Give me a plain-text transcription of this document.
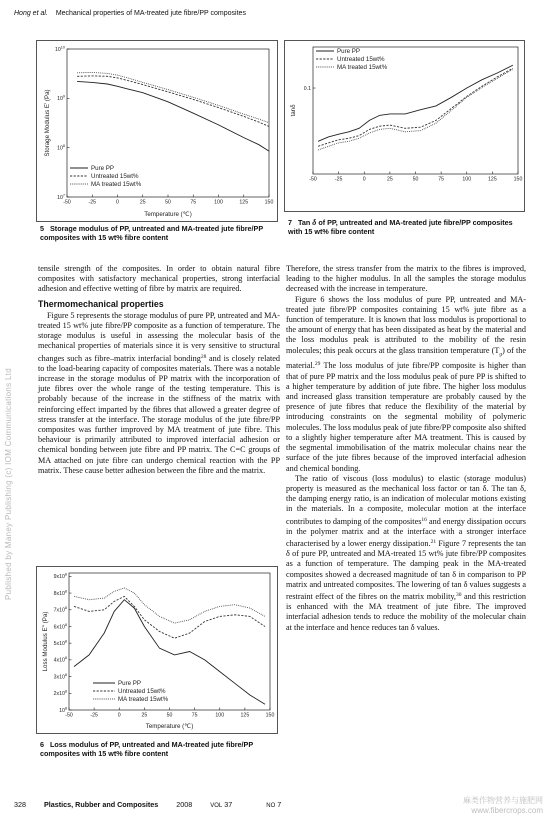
Hong et al. Mechanical properties of MA-treated jute fibre/PP composites
Published by Maney Publishing (c) IOM Communications Ltd
-50	-25	0	25	50	75	100	125	150
$10^7$
$10^8$
$10^9$
$10^{10}$
Temperature (℃)
Storage Modulus E' (Pa)
Pure PP
Untreated 15wt%
MA treated 15wt%
5 Storage modulus of PP, untreated and MA-treated jute fibre/PP composites with 15 wt% fibre content
-50	-25	0	25	50	75	100	125	150
0.1
tanδ
Pure PP
Untreated 15wt%
MA treated 15wt%
7 Tan δ of PP, untreated and MA-treated jute fibre/PP composites with 15 wt% fibre content
-50	-25	0	25	50	75	100	125	150
$10^8$
$2x10^8$
$3x10^8$
$4x10^8$
$5x10^8$
$6x10^8$
$7x10^8$
$8x10^8$
$9x10^8$
Temperature (℃)
Loss Modulus E'' (Pa)
Pure PP
Untreated 15wt%
MA treated 15wt%
6 Loss modulus of PP, untreated and MA-treated jute fibre/PP composites with 15 wt% fibre content

tensile strength of the composites. In order to obtain natural fibre composites with satisfactory mechanical properties, strong interfacial adhesion and effective wetting of fibre by matrix are required.

Thermomechanical properties

Figure 5 represents the storage modulus of pure PP, untreated and MA-treated 15 wt% jute fibre/PP composite as a function of temperature. The storage modulus is useful in assessing the molecular basis of the mechanical properties of materials since it is very sensitive to structural changes such as fibre–matrix interfacial bonding$^{28}$ and is closely related to the load-bearing capacity of composites materials. There was a notable increase in the storage modulus of PP matrix with the incorporation of jute fibres over the whole range of the testing temperature. This is probably because of the increase in the stiffness of the matrix with reinforcing effect imparted by the fibres that allowed a greater degree of stress transfer at the interface. The storage modulus of the jute fibre/PP composites was further improved by MA treatment of jute fibre. This behaviour is primarily attributed to improved interfacial adhesion or chemical bonding between jute fibre and PP matrix. The C=C groups of MA attached on jute fibre can undergo chemical reaction with the PP matrix. These cause better adhesion between the fibre and the matrix.

Therefore, the stress transfer from the matrix to the fibres is improved, leading to the higher modulus. In all the samples the storage modulus decreased with the increase in temperature.

Figure 6 shows the loss modulus of pure PP, untreated and MA-treated jute fibre/PP composites containing 15 wt% jute fibre as a function of temperature. It is known that loss modulus is proportional to the amount of energy that has been dissipated as heat by the material and the loss modulus peak is attributed to the mobility of the resin molecules; this peak occurs at the glass transition temperature $(T_g)$ of the material.$^{29}$ The loss modulus of jute fibre/PP composite is higher than that of pure PP matrix and the loss modulus peak of pure PP is shifted to a higher temperature by addition of jute fibre. The higher loss modulus and increased glass transition temperature are probably caused by the presence of jute fibres that reduce the flexibility of the material by introducing constraints on the segmental mobility of polymeric molecules. The loss modulus peak of jute fibre/PP composite also shifted to a slightly higher temperature after MA treatment. This is caused by the segmental immobilisation of the matrix molecular chains near the surface of the jute fibres because of the improved interfacial adhesion and chemical bonding.

The ratio of viscous (loss modulus) to elastic (storage modulus) property is measured as the mechanical loss factor or tan δ. The tan δ, the damping energy ratio, is an indication of molecular motions existing in the materials. In a composite, molecular motion at the interface contributes to damping of the composites$^{16}$ and energy dissipation occurs in the polymer matrix and at the interface with a stronger interface characterised by a lower energy dissipation.$^{21}$ Figure 7 represents the tan δ of pure PP, untreated and MA-treated 15 wt% jute fibre/PP composites as a function of temperature. The damping peak in the MA-treated composites showed a decreased magnitude of tan δ in comparison to PP matrix and untreated composites. The lowering of tan δ values suggests a restraint effect of the fibres on the matrix mobility,$^{30}$ and this restriction is enhanced with the MA treatment of jute fibre. The improved interfacial adhesion tends to reduce the mobility of the molecular chain at the interface and hence reduces tan δ values.

328	Plastics, Rubber and Composites	2008	VOL 37	NO 7	麻类作物营养与施肥网
www.fibercrops.com
